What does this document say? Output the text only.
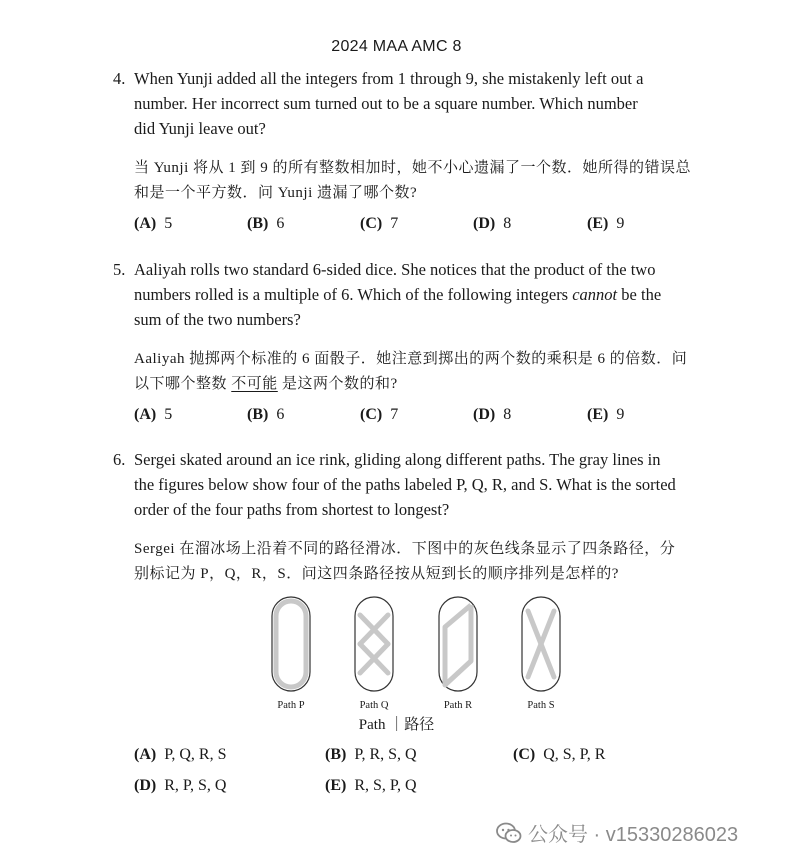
2024 MAA AMC 8
4. When Yunji added all the integers from 1 through 9, she mistakenly left out a
number. Her incorrect sum turned out to be a square number. Which number
did Yunji leave out?
当 Yunji 将从 1 到 9 的所有整数相加时，她不小心遗漏了一个数．她所得的错误总
和是一个平方数．问 Yunji 遗漏了哪个数?
(A) 5	(B) 6	(C) 7	(D) 8	(E) 9
5. Aaliyah rolls two standard 6-sided dice. She notices that the product of the two
numbers rolled is a multiple of 6. Which of the following integers cannot be the
sum of the two numbers?
Aaliyah 抛掷两个标准的 6 面骰子．她注意到掷出的两个数的乘积是 6 的倍数．问
以下哪个整数 不可能 是这两个数的和?
(A) 5	(B) 6	(C) 7	(D) 8	(E) 9
6. Sergei skated around an ice rink, gliding along different paths. The gray lines in
the figures below show four of the paths labeled P, Q, R, and S. What is the sorted
order of the four paths from shortest to longest?
Sergei 在溜冰场上沿着不同的路径滑冰．下图中的灰色线条显示了四条路径，分
别标记为 P，Q，R，S．问这四条路径按从短到长的顺序排列是怎样的?
Path P	Path Q	Path R	Path S
Path ｜路径
(A) P, Q, R, S	(B) P, R, S, Q	(C) Q, S, P, R
(D) R, P, S, Q	(E) R, S, P, Q
公众号 · v15330286023
